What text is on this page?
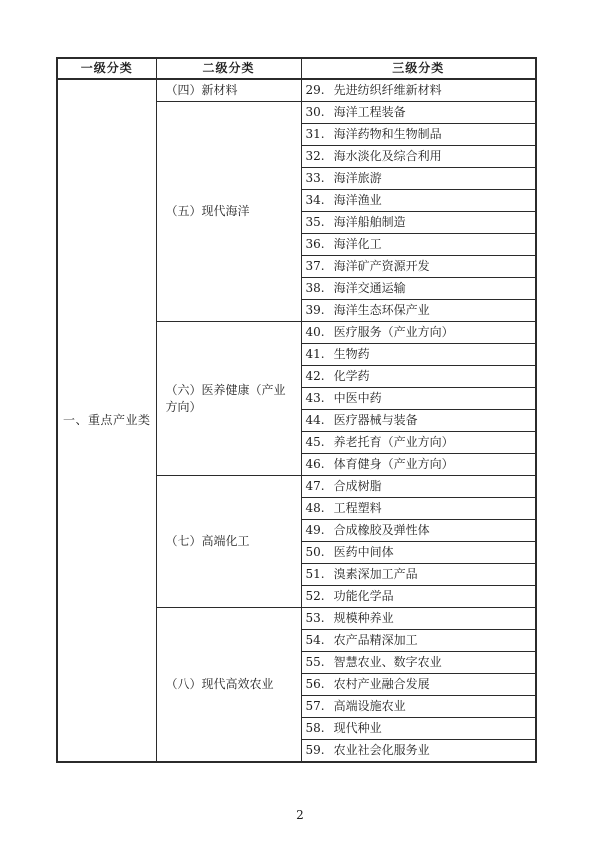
一级分类	二级分类	三级分类
一、重点产业类	（四）新材料	29. 先进纺织纤维新材料
	（五）现代海洋	30. 海洋工程装备
		31. 海洋药物和生物制品
		32. 海水淡化及综合利用
		33. 海洋旅游
		34. 海洋渔业
		35. 海洋船舶制造
		36. 海洋化工
		37. 海洋矿产资源开发
		38. 海洋交通运输
		39. 海洋生态环保产业
	（六）医养健康（产业方向）	40. 医疗服务（产业方向）
		41. 生物药
		42. 化学药
		43. 中医中药
		44. 医疗器械与装备
		45. 养老托育（产业方向）
		46. 体育健身（产业方向）
	（七）高端化工	47. 合成树脂
		48. 工程塑料
		49. 合成橡胶及弹性体
		50. 医药中间体
		51. 溴素深加工产品
		52. 功能化学品
	（八）现代高效农业	53. 规模种养业
		54. 农产品精深加工
		55. 智慧农业、数字农业
		56. 农村产业融合发展
		57. 高端设施农业
		58. 现代种业
		59. 农业社会化服务业
2
